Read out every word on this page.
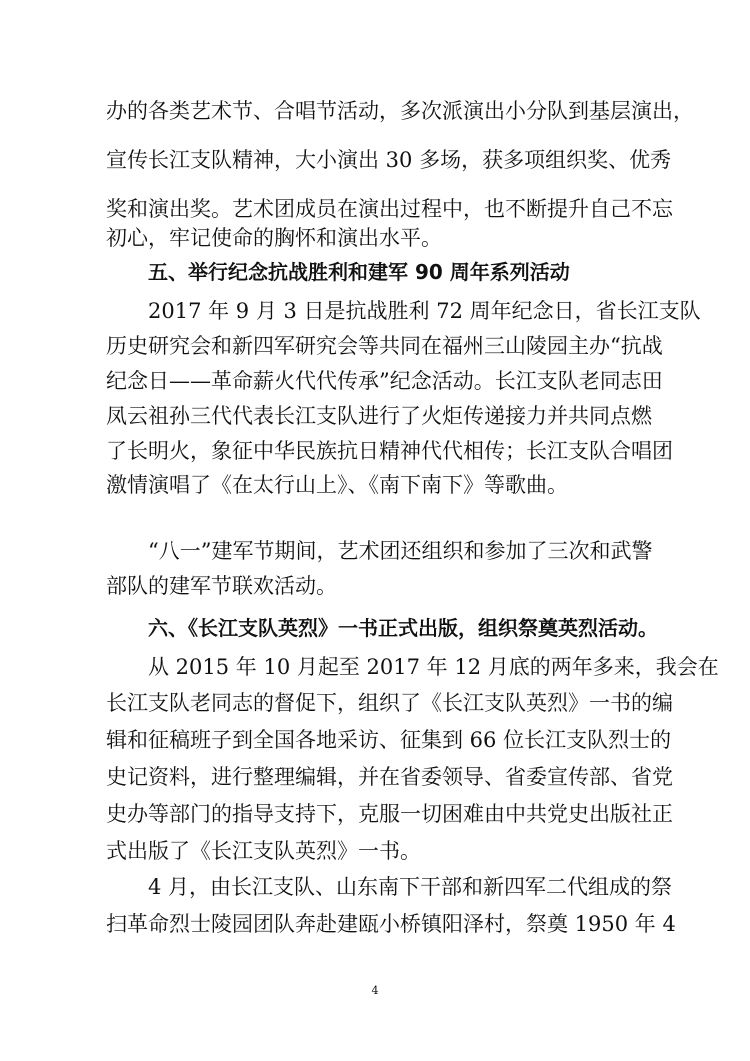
办的各类艺术节、合唱节活动，多次派演出小分队到基层演出，
宣传长江支队精神，大小演出 30 多场，获多项组织奖、优秀
奖和演出奖。艺术团成员在演出过程中，也不断提升自己不忘
初心，牢记使命的胸怀和演出水平。
五、举行纪念抗战胜利和建军 90 周年系列活动
2017 年 9 月 3 日是抗战胜利 72 周年纪念日，省长江支队
历史研究会和新四军研究会等共同在福州三山陵园主办“抗战
纪念日——革命薪火代代传承”纪念活动。长江支队老同志田
凤云祖孙三代代表长江支队进行了火炬传递接力并共同点燃
了长明火，象征中华民族抗日精神代代相传；长江支队合唱团
激情演唱了《在太行山上》、《南下南下》等歌曲。
“八一”建军节期间，艺术团还组织和参加了三次和武警
部队的建军节联欢活动。
六、《长江支队英烈》一书正式出版，组织祭奠英烈活动。
从 2015 年 10 月起至 2017 年 12 月底的两年多来，我会在
长江支队老同志的督促下，组织了《长江支队英烈》一书的编
辑和征稿班子到全国各地采访、征集到 66 位长江支队烈士的
史记资料，进行整理编辑，并在省委领导、省委宣传部、省党
史办等部门的指导支持下，克服一切困难由中共党史出版社正
式出版了《长江支队英烈》一书。
4 月，由长江支队、山东南下干部和新四军二代组成的祭
扫革命烈士陵园团队奔赴建瓯小桥镇阳泽村，祭奠 1950 年 4
4
